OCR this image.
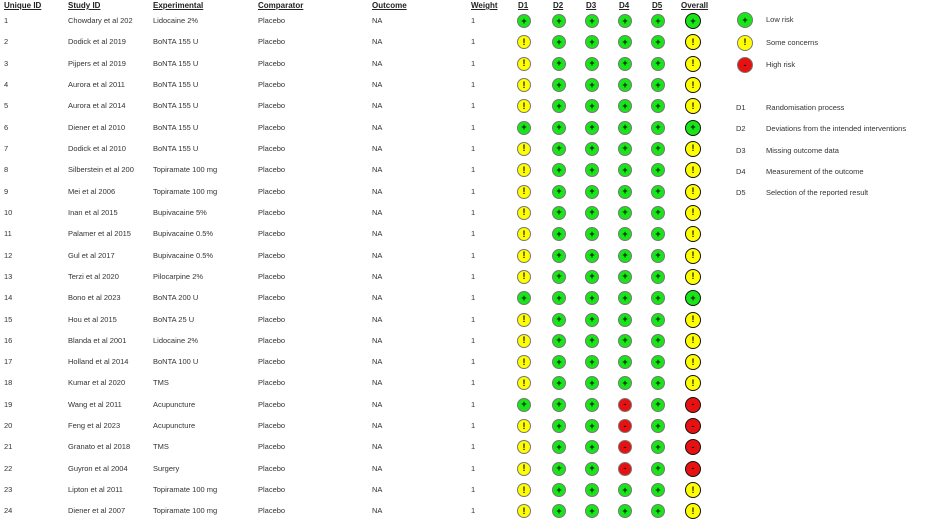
Unique ID	Study ID	Experimental	Comparator	Outcome	Weight	D1	D2	D3	D4	D5 Overall
1	Chowdary et al 202	Lidocaine 2%	Placebo	NA	1	+	+	+	+	+	+
2	Dodick et al 2019	BoNTA 155 U	Placebo	NA	1	!	+	+	+	+	!
3	Pijpers et al 2019	BoNTA 155 U	Placebo	NA	1	!	+	+	+	+	!
4	Aurora et al 2011	BoNTA 155 U	Placebo	NA	1	!	+	+	+	+	!
5	Aurora et al 2014	BoNTA 155 U	Placebo	NA	1	!	+	+	+	+	!
6	Diener et al 2010	BoNTA 155 U	Placebo	NA	1	+	+	+	+	+	+
7	Dodick et al 2010	BoNTA 155 U	Placebo	NA	1	!	+	+	+	+	!
8	Silberstein et al 200	Topiramate 100 mg	Placebo	NA	1	!	+	+	+	+	!
9	Mei et al 2006	Topiramate 100 mg	Placebo	NA	1	!	+	+	+	+	!
10	Inan et al 2015	Bupivacaine 5%	Placebo	NA	1	!	+	+	+	+	!
11	Palamer et al 2015	Bupivacaine 0.5%	Placebo	NA	1	!	+	+	+	+	!
12	Gul et al 2017	Bupivacaine 0.5%	Placebo	NA	1	!	+	+	+	+	!
13	Terzi et al 2020	Pilocarpine 2%	Placebo	NA	1	!	+	+	+	+	!
14	Bono et al 2023	BoNTA 200 U	Placebo	NA	1	+	+	+	+	+	+
15	Hou et al 2015	BoNTA 25 U	Placebo	NA	1	!	+	+	+	+	!
16	Blanda et al 2001	Lidocaine 2%	Placebo	NA	1	!	+	+	+	+	!
17	Holland et al 2014	BoNTA 100 U	Placebo	NA	1	!	+	+	+	+	!
18	Kumar et al 2020	TMS	Placebo	NA	1	!	+	+	+	+	!
19	Wang et al 2011	Acupuncture	Placebo	NA	1	+	+	+	-	+	-
20	Feng et al 2023	Acupuncture	Placebo	NA	1	!	+	+	-	+	-
21	Granato et al 2018	TMS	Placebo	NA	1	!	+	+	-	+	-
22	Guyron et al 2004	Surgery	Placebo	NA	1	!	+	+	-	+	-
23	Lipton et al 2011	Topiramate 100 mg	Placebo	NA	1	!	+	+	+	+	!
24	Diener et al 2007	Topiramate 100 mg	Placebo	NA	1	!	+	+	+	+	!
+	Low risk
!	Some concerns
-	High risk
D1	Randomisation process
D2	Deviations from the intended interventions
D3	Missing outcome data
D4	Measurement of the outcome
D5	Selection of the reported result
